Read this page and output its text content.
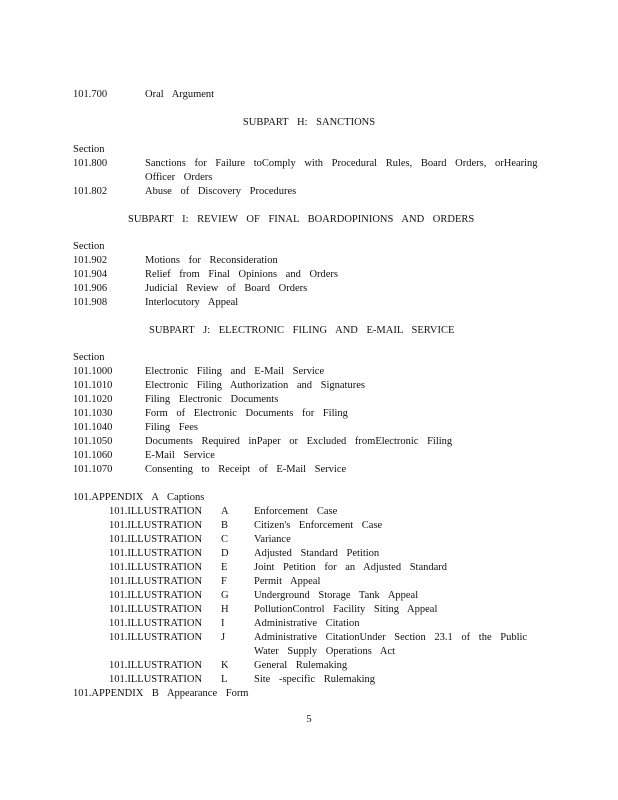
101.700	Oral Argument
SUBPART H: SANCTIONS
Section
101.800	Sanctions for Failure toComply with Procedural Rules, Board Orders, orHearing
Officer Orders
101.802	Abuse of Discovery Procedures
SUBPART I: REVIEW OF FINAL BOARDOPINIONS AND ORDERS
Section
101.902	Motions for Reconsideration
101.904	Relief from Final Opinions and Orders
101.906	Judicial Review of Board Orders
101.908	Interlocutory Appeal
SUBPART J: ELECTRONIC FILING AND E-MAIL SERVICE
Section
101.1000	Electronic Filing and E-Mail Service
101.1010	Electronic Filing Authorization and Signatures
101.1020	Filing Electronic Documents
101.1030	Form of Electronic Documents for Filing
101.1040	Filing Fees
101.1050	Documents Required inPaper or Excluded fromElectronic Filing
101.1060	E-Mail Service
101.1070	Consenting to Receipt of E-Mail Service
101.APPENDIX A Captions
101.ILLUSTRATION A Enforcement Case
101.ILLUSTRATION B Citizen's Enforcement Case
101.ILLUSTRATION C Variance
101.ILLUSTRATION D Adjusted Standard Petition
101.ILLUSTRATION E	Joint Petition for an Adjusted Standard
101.ILLUSTRATION F	Permit Appeal
101.ILLUSTRATION G Underground Storage Tank Appeal
101.ILLUSTRATION H PollutionControl Facility Siting Appeal
101.ILLUSTRATION I	Administrative Citation
101.ILLUSTRATION J	Administrative CitationUnder Section 23.1 of the Public
Water Supply Operations Act
101.ILLUSTRATION K General Rulemaking
101.ILLUSTRATION L	Site -specific Rulemaking
101.APPENDIX B Appearance Form
5
